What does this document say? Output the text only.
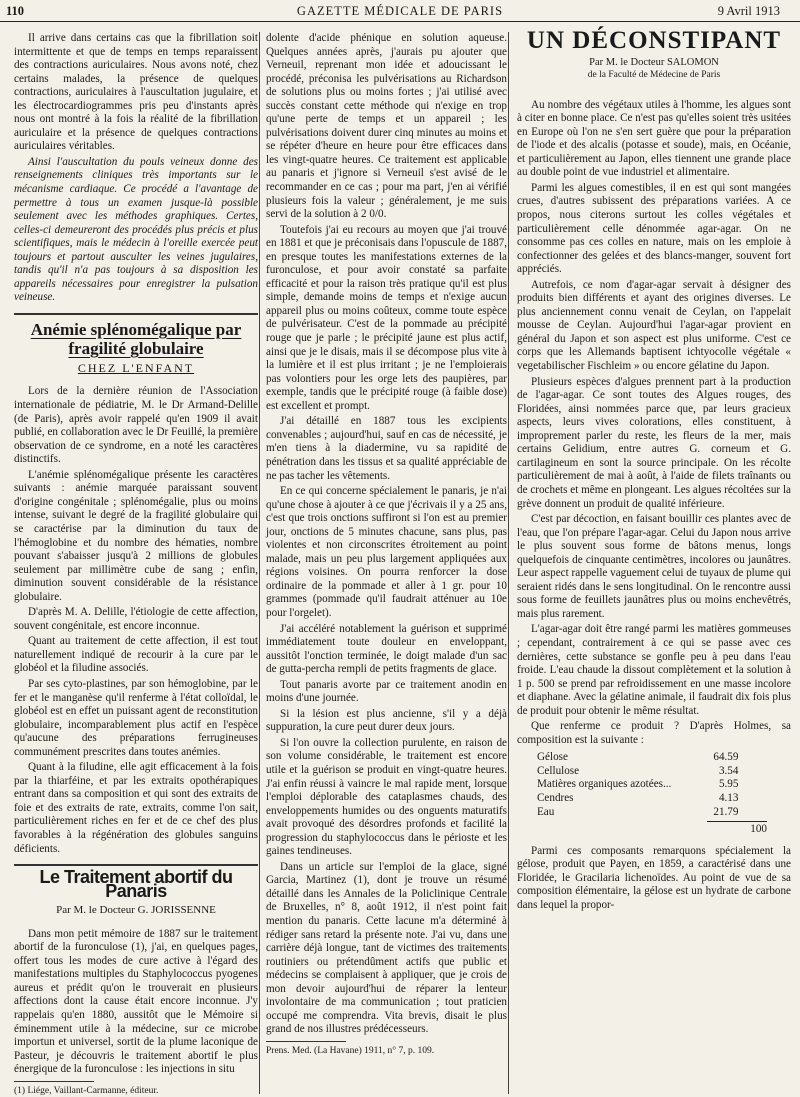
110	GAZETTE MÉDICALE DE PARIS	9 Avril 1913

Il arrive dans certains cas que la fibrillation soit intermittente et que de temps en temps reparaissent des contractions auriculaires. Nous avons noté, chez certains malades, la présence de quelques contractions, auriculaires à l'auscultation jugulaire, et les électrocardiogrammes pris peu d'instants après nous ont montré à la fois la réalité de la fibrillation auriculaire et la présence de quelques contractions auriculaires véritables.

Ainsi l'auscultation du pouls veineux donne des renseignements cliniques très importants sur le mécanisme cardiaque. Ce procédé a l'avantage de permettre à tous un examen jusque-là possible seulement avec les méthodes graphiques. Certes, celles-ci demeureront des procédés plus précis et plus scientifiques, mais le médecin à l'oreille exercée peut toujours et partout ausculter les veines jugulaires, tandis qu'il n'a pas toujours à sa disposition les appareils nécessaires pour enregistrer la pulsation veineuse.

Anémie splénomégalique par fragilité globulaire
CHEZ L'ENFANT

Lors de la dernière réunion de l'Association internationale de pédiatrie, M. le Dr Armand-Delille (de Paris), après avoir rappelé qu'en 1909 il avait publié, en collaboration avec le Dr Feuillé, la première observation de ce syndrome, en a noté les caractères distinctifs.

L'anémie splénomégalique présente les caractères suivants : anémie marquée paraissant souvent d'origine congénitale ; splénomégalie, plus ou moins intense, suivant le degré de la fragilité globulaire qui se caractérise par la diminution du taux de l'hémoglobine et du nombre des hématies, nombre pouvant s'abaisser jusqu'à 2 millions de globules seulement par millimètre cube de sang ; enfin, diminution souvent considérable de la résistance globulaire.

D'après M. A. Delille, l'étiologie de cette affection, souvent congénitale, est encore inconnue.

Quant au traitement de cette affection, il est tout naturellement indiqué de recourir à la cure par le globéol et la filudine associés.

Par ses cyto-plastines, par son hémoglobine, par le fer et le manganèse qu'il renferme à l'état colloïdal, le globéol est en effet un puissant agent de reconstitution globulaire, incomparablement plus actif en l'espèce qu'aucune des préparations ferrugineuses communément prescrites dans toutes anémies.

Quant à la filudine, elle agit efficacement à la fois par la thiarféine, et par les extraits opothérapiques entrant dans sa composition et qui sont des extraits de foie et des extraits de rate, extraits, comme l'on sait, particulièrement riches en fer et de ce chef des plus favorables à la régénération des globules sanguins déficients.

Le Traitement abortif du Panaris
Par M. le Docteur G. JORISSENNE

Dans mon petit mémoire de 1887 sur le traitement abortif de la furonculose (1), j'ai, en quelques pages, offert tous les modes de cure active à l'égard des manifestations multiples du Staphylococcus pyogenes aureus et prédit qu'on le trouverait en plusieurs affections dont la cause était encore inconnue. J'y rappelais qu'en 1880, aussitôt que le Mémoire si éminemment utile à la médecine, sur ce microbe importun et universel, sortit de la plume laconique de Pasteur, je découvris le traitement abortif le plus énergique de la furonculose : les injections in situ

(1) Liége, Vaillant-Carmanne, éditeur.

dolente d'acide phénique en solution aqueuse. Quelques années après, j'aurais pu ajouter que Verneuil, reprenant mon idée et adoucissant le procédé, préconisa les pulvérisations au Richardson de solutions plus ou moins fortes ; j'ai utilisé avec succès constant cette méthode qui n'exige en trop qu'une perte de temps et un appareil ; les pulvérisations doivent durer cinq minutes au moins et se répéter d'heure en heure pour être efficaces dans les vingt-quatre heures. Ce traitement est applicable au panaris et j'ignore si Verneuil s'est avisé de le recommander en ce cas ; pour ma part, j'en ai vérifié plusieurs fois la valeur ; généralement, je me suis servi de la solution à 2 0/0.

Toutefois j'ai eu recours au moyen que j'ai trouvé en 1881 et que je préconisais dans l'opuscule de 1887, en presque toutes les manifestations externes de la furonculose, et pour avoir constaté sa parfaite efficacité et pour la raison très pratique qu'il est plus simple, demande moins de temps et n'exige aucun appareil plus ou moins coûteux, comme toute espèce de pulvérisateur. C'est de la pommade au précipité rouge que je parle ; le précipité jaune est plus actif, ainsi que je le disais, mais il se décompose plus vite à la lumière et il est plus irritant ; je ne l'emploierais pas volontiers pour les orge lets des paupières, par exemple, tandis que le précipité rouge (à faible dose) est excellent et prompt.

J'ai détaillé en 1887 tous les excipients convenables ; aujourd'hui, sauf en cas de nécessité, je m'en tiens à la diadermine, vu sa rapidité de pénétration dans les tissus et sa qualité appréciable de ne pas tacher les vêtements.

En ce qui concerne spécialement le panaris, je n'ai qu'une chose à ajouter à ce que j'écrivais il y a 25 ans, c'est que trois onctions suffiront si l'on est au premier jour, onctions de 5 minutes chacune, sans plus, pas violentes et non circonscrites étroitement au point malade, mais un peu plus largement appliquées aux régions voisines. On pourra renforcer la dose ordinaire de la pommade et aller à 1 gr. pour 10 grammes (pommade qu'il faudrait atténuer au 10e pour l'orgelet).

J'ai accéléré notablement la guérison et supprimé immédiatement toute douleur en enveloppant, aussitôt l'onction terminée, le doigt malade d'un sac de gutta-percha rempli de petits fragments de glace.

Tout panaris avorte par ce traitement anodin en moins d'une journée.

Si la lésion est plus ancienne, s'il y a déjà suppuration, la cure peut durer deux jours.

Si l'on ouvre la collection purulente, en raison de son volume considérable, le traitement est encore utile et la guérison se produit en vingt-quatre heures. J'ai enfin réussi à vaincre le mal rapide ment, lorsque l'emploi déplorable des cataplasmes chauds, des enveloppements humides ou des onguents maturatifs avait provoqué des désordres profonds et facilité la progression du staphylococcus dans le périoste et les gaines tendineuses.

Dans un article sur l'emploi de la glace, signé Garcia, Martinez (1), dont je trouve un résumé détaillé dans les Annales de la Policlinique Centrale de Bruxelles, n° 8, août 1912, il n'est point fait mention du panaris. Cette lacune m'a déterminé à rédiger sans retard la présente note. J'ai vu, dans une carrière déjà longue, tant de victimes des traitements routiniers ou prétendûment actifs que public et médecins se complaisent à appliquer, que je crois de mon devoir aujourd'hui de réparer la lenteur involontaire de ma communication ; tout praticien occupé me comprendra. Vita brevis, disait le plus grand de nos illustres prédécesseurs.

Prens. Med. (La Havane) 1911, n° 7, p. 109.

UN DÉCONSTIPANT
Par M. le Docteur SALOMON
de la Faculté de Médecine de Paris

Au nombre des végétaux utiles à l'homme, les algues sont à citer en bonne place. Ce n'est pas qu'elles soient très usitées en Europe où l'on ne s'en sert guère que pour la préparation de l'iode et des alcalis (potasse et soude), mais, en Océanie, et particulièrement au Japon, elles tiennent une grande place au double point de vue industriel et alimentaire.

Parmi les algues comestibles, il en est qui sont mangées crues, d'autres subissent des préparations variées. A ce propos, nous citerons surtout les colles végétales et particulièrement celle dénommée agar-agar. On ne consomme pas ces colles en nature, mais on les emploie à confectionner des gelées et des blancs-manger, souvent fort appréciés.

Autrefois, ce nom d'agar-agar servait à désigner des produits bien différents et ayant des origines diverses. Le plus anciennement connu venait de Ceylan, on l'appelait mousse de Ceylan. Aujourd'hui l'agar-agar provient en général du Japon et son aspect est plus uniforme. C'est ce corps que les Allemands baptisent ichtyocolle végétale « vegetabilischer Fischleim » ou encore gélatine du Japon.

Plusieurs espèces d'algues prennent part à la production de l'agar-agar. Ce sont toutes des Algues rouges, des Floridées, ainsi nommées parce que, par leurs gracieux aspects, leurs vives colorations, elles constituent, à improprement parler du reste, les fleurs de la mer, mais certains Gelidium, entre autres G. corneum et G. cartilagineum en sont la source principale. On les récolte particulièrement de mai à août, à l'aide de filets traînants ou de crochets et même en plongeant. Les algues récoltées sur la grève donnent un produit de qualité inférieure.

C'est par décoction, en faisant bouillir ces plantes avec de l'eau, que l'on prépare l'agar-agar. Celui du Japon nous arrive le plus souvent sous forme de bâtons menus, longs quelquefois de cinquante centimètres, incolores ou jaunâtres. Leur aspect rappelle vaguement celui de tuyaux de plume qui seraient ridés dans le sens longitudinal. On le rencontre aussi sous forme de feuillets jaunâtres plus ou moins enchevêtrés, mais plus rarement.

L'agar-agar doit être rangé parmi les matières gommeuses ; cependant, contrairement à ce qui se passe avec ces dernières, cette substance se gonfle peu à peu dans l'eau froide. L'eau chaude la dissout complètement et la solution à 1 p. 500 se prend par refroidissement en une masse incolore et diaphane. Avec la gélatine animale, il faudrait dix fois plus de produit pour obtenir le même résultat.

Que renferme ce produit ? D'après Holmes, sa composition est la suivante :

Gélose	64.59
Cellulose	3.54
Matières organiques azotées...	5.95
Cendres	4.13
Eau	21.79
100

Parmi ces composants remarquons spécialement la gélose, produit que Payen, en 1859, a caractérisé dans une Floridée, le Gracilaria lichenoïdes. Au point de vue de sa composition élémentaire, la gélose est un hydrate de carbone dans lequel la propor-
